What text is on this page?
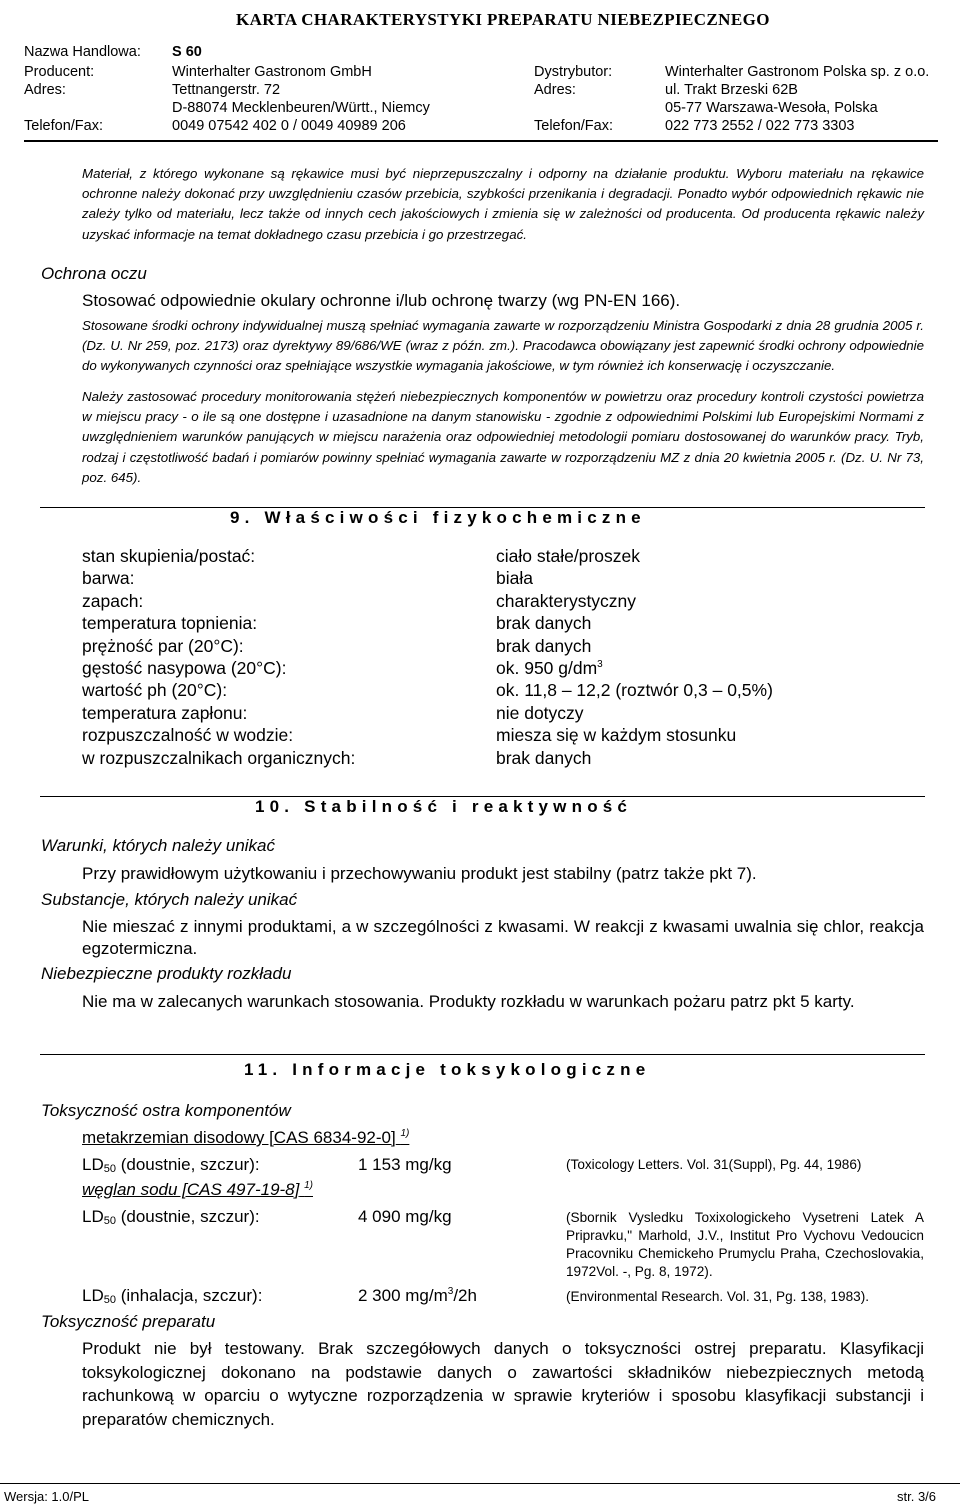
KARTA CHARAKTERYSTYKI PREPARATU NIEBEZPIECZNEGO
Nazwa Handlowa: S 60
Producent:	Winterhalter Gastronom GmbH	Dystrybutor:	Winterhalter Gastronom Polska sp. z o.o.
Adres:	Tettnangerstr. 72	Adres:	ul. Trakt Brzeski 62B
D-88074 Mecklenbeuren/Württ., Niemcy	05-77 Warszawa-Wesoła, Polska
Telefon/Fax:	0049 07542 402 0 / 0049 40989 206	Telefon/Fax:	022 773 2552 / 022 773 3303
Materiał, z którego wykonane są rękawice musi być nieprzepuszczalny i odporny na działanie produktu. Wyboru materiału na rękawice ochronne należy dokonać przy uwzględnieniu czasów przebicia, szybkości przenikania i degradacji. Ponadto wybór odpowiednich rękawic nie zależy tylko od materiału, lecz także od innych cech jakościowych i zmienia się w zależności od producenta. Od producenta rękawic należy uzyskać informacje na temat dokładnego czasu przebicia i go przestrzegać.
Ochrona oczu
Stosować odpowiednie okulary ochronne i/lub ochronę twarzy (wg PN-EN 166).
Stosowane środki ochrony indywidualnej muszą spełniać wymagania zawarte w rozporządzeniu Ministra Gospodarki z dnia 28 grudnia 2005 r. (Dz. U. Nr 259, poz. 2173) oraz dyrektywy 89/686/WE (wraz z późn. zm.). Pracodawca obowiązany jest zapewnić środki ochrony odpowiednie do wykonywanych czynności oraz spełniające wszystkie wymagania jakościowe, w tym również ich konserwację i oczyszczanie.
Należy zastosować procedury monitorowania stężeń niebezpiecznych komponentów w powietrzu oraz procedury kontroli czystości powietrza w miejscu pracy - o ile są one dostępne i uzasadnione na danym stanowisku - zgodnie z odpowiednimi Polskimi lub Europejskimi Normami z uwzględnieniem warunków panujących w miejscu narażenia oraz odpowiedniej metodologii pomiaru dostosowanej do warunków pracy. Tryb, rodzaj i częstotliwość badań i pomiarów powinny spełniać wymagania zawarte w rozporządzeniu MZ z dnia 20 kwietnia 2005 r. (Dz. U. Nr 73, poz. 645).
9. Właściwości fizykochemiczne
stan skupienia/postać:	ciało stałe/proszek
barwa:	biała
zapach:	charakterystyczny
temperatura topnienia:	brak danych
prężność par (20°C):	brak danych
gęstość nasypowa (20°C):	ok. 950 $g/dm^3$
wartość ph (20°C):	ok. 11,8 – 12,2 (roztwór 0,3 – 0,5%)
temperatura zapłonu:	nie dotyczy
rozpuszczalność w wodzie:	miesza się w każdym stosunku
w rozpuszczalnikach organicznych:	brak danych
10. Stabilność i reaktywność
Warunki, których należy unikać
Przy prawidłowym użytkowaniu i przechowywaniu produkt jest stabilny (patrz także pkt 7).
Substancje, których należy unikać
Nie mieszać z innymi produktami, a w szczególności z kwasami. W reakcji z kwasami uwalnia się chlor, reakcja egzotermiczna.
Niebezpieczne produkty rozkładu
Nie ma w zalecanych warunkach stosowania. Produkty rozkładu w warunkach pożaru patrz pkt 5 karty.
11. Informacje toksykologiczne
Toksyczność ostra komponentów
metakrzemian disodowy [CAS 6834-92-0] $^{1)}$
$LD_{50}$ (doustnie, szczur):	1 153 mg/kg	(Toxicology Letters. Vol. 31(Suppl), Pg. 44, 1986)
węglan sodu [CAS 497-19-8] $^{1)}$
$LD_{50}$ (doustnie, szczur):	4 090 mg/kg	(Sbornik Vysledku Toxixologickeho Vysetreni Latek A Pripravku," Marhold, J.V., Institut Pro Vychovu Vedoucicn Pracovniku Chemickeho Prumyclu Praha, Czechoslovakia, 1972Vol. -, Pg. 8, 1972).
$LD_{50}$ (inhalacja, szczur):	2 300 $mg/m^3/2h$	(Environmental Research. Vol. 31, Pg. 138, 1983).
Toksyczność preparatu
Produkt nie był testowany. Brak szczegółowych danych o toksyczności ostrej preparatu. Klasyfikacji toksykologicznej dokonano na podstawie danych o zawartości składników niebezpiecznych metodą rachunkową w oparciu o wytyczne rozporządzenia w sprawie kryteriów i sposobu klasyfikacji substancji i preparatów chemicznych.
Wersja: 1.0/PL	str. 3/6
